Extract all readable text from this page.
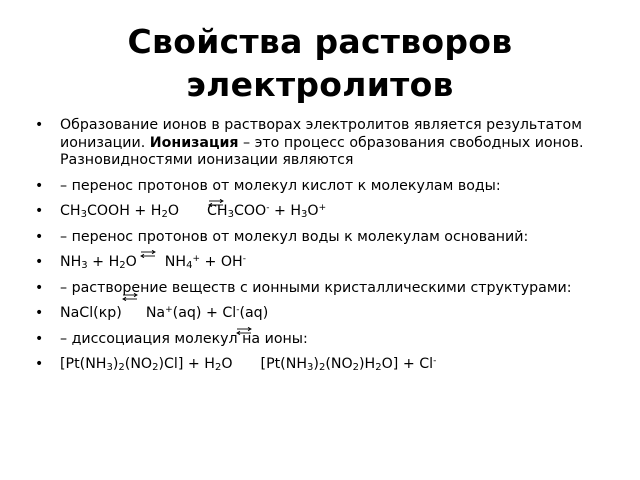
Свойства растворов
электролитов
• Образование ионов в растворах электролитов является результатом ионизации. Ионизация – это процесс образования свободных ионов. Разновидностями ионизации являются
• – перенос протонов от молекул кислот к молекулам воды:
• $CH_3COOH + H_2O$ $CH_3COO^- + H_3O^+$
• – перенос протонов от молекул воды к молекулам оснований:
• $NH_3 + H_2O$ $NH_4^+ + OH^-$
• – растворение веществ с ионными кристаллическими структурами:
• NaCl(кр) Na+(aq) + Cl-(aq)
• – диссоциация молекул на ионы:
• $[Pt(NH_3)_2(NO_2)Cl] + H_2O$ $[Pt(NH_3)_2(NO_2)H_2O] + Cl^-$
